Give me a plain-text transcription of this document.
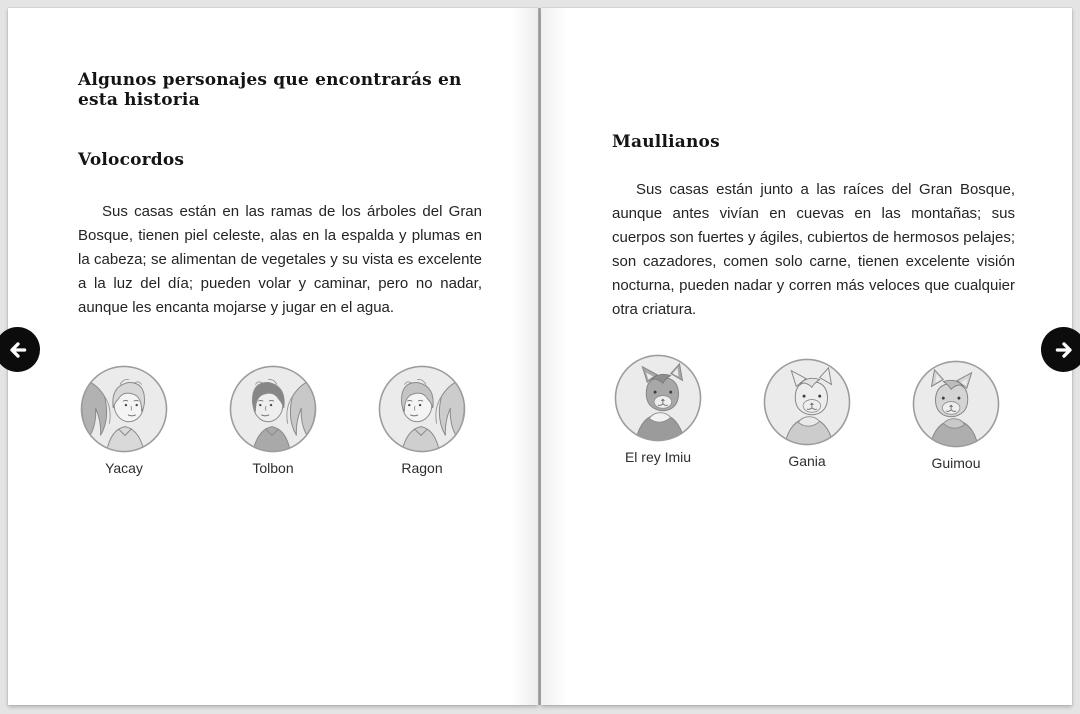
Algunos personajes que encontrarás en esta historia
Volocordos

Sus casas están en las ramas de los árboles del Gran Bosque, tienen piel celeste, alas en la espalda y plumas en la cabeza; se alimentan de vegetales y su vista es excelente a la luz del día; pueden volar y caminar, pero no nadar, aunque les encanta mojarse y jugar en el agua.

Yacay	Tolbon	Ragon
Maullianos

Sus casas están junto a las raíces del Gran Bosque, aunque antes vivían en cuevas en las montañas; sus cuerpos son fuertes y ágiles, cubiertos de hermosos pelajes; son cazadores, comen solo carne, tienen excelente visión nocturna, pueden nadar y corren más veloces que cualquier otra criatura.

El rey Imiu	Gania	Guimou
